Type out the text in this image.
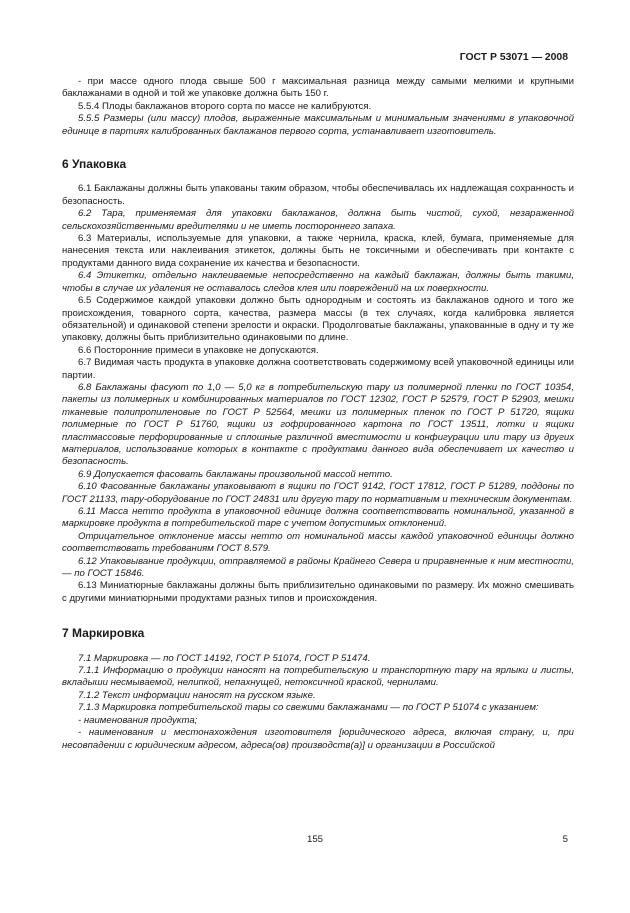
ГОСТ Р 53071 — 2008

- при массе одного плода свыше 500 г максимальная разница между самыми мелкими и крупными баклажанами в одной и той же упаковке должна быть 150 г.

5.5.4 Плоды баклажанов второго сорта по массе не калибруются.

5.5.5 Размеры (или массу) плодов, выраженные максимальным и минимальным значениями в упаковочной единице в партиях калиброванных баклажанов первого сорта, устанавливает изготовитель.

6 Упаковка

6.1 Баклажаны должны быть упакованы таким образом, чтобы обеспечивалась их надлежащая сохранность и безопасность.

6.2 Тара, применяемая для упаковки баклажанов, должна быть чистой, сухой, незараженной сельскохозяйственными вредителями и не иметь постороннего запаха.

6.3 Материалы, используемые для упаковки, а также чернила, краска, клей, бумага, применяемые для нанесения текста или наклеивания этикеток, должны быть не токсичными и обеспечивать при контакте с продуктами данного вида сохранение их качества и безопасности.

6.4 Этикетки, отдельно наклеиваемые непосредственно на каждый баклажан, должны быть такими, чтобы в случае их удаления не оставалось следов клея или повреждений на их поверхности.

6.5 Содержимое каждой упаковки должно быть однородным и состоять из баклажанов одного и того же происхождения, товарного сорта, качества, размера массы (в тех случаях, когда калибровка является обязательной) и одинаковой степени зрелости и окраски. Продолговатые баклажаны, упакованные в одну и ту же упаковку, должны быть приблизительно одинаковыми по длине.

6.6 Посторонние примеси в упаковке не допускаются.

6.7 Видимая часть продукта в упаковке должна соответствовать содержимому всей упаковочной единицы или партии.

6.8 Баклажаны фасуют по 1,0 — 5,0 кг в потребительскую тару из полимерной пленки по ГОСТ 10354, пакеты из полимерных и комбинированных материалов по ГОСТ 12302, ГОСТ Р 52579, ГОСТ Р 52903, мешки тканевые полипропиленовые по ГОСТ Р 52564, мешки из полимерных пленок по ГОСТ Р 51720, ящики полимерные по ГОСТ Р 51760, ящики из гофрированного картона по ГОСТ 13511, лотки и ящики пластмассовые перфорированные и сплошные различной вместимости и конфигурации или тару из других материалов, использование которых в контакте с продуктами данного вида обеспечивает их качество и безопасность.

6.9 Допускается фасовать баклажаны произвольной массой нетто.

6.10 Фасованные баклажаны упаковывают в ящики по ГОСТ 9142, ГОСТ 17812, ГОСТ Р 51289, поддоны по ГОСТ 21133, тару-оборудование по ГОСТ 24831 или другую тару по нормативным и техническим документам.

6.11 Масса нетто продукта в упаковочной единице должна соответствовать номинальной, указанной в маркировке продукта в потребительской таре с учетом допустимых отклонений.

Отрицательное отклонение массы нетто от номинальной массы каждой упаковочной единицы должно соответствовать требованиям ГОСТ 8.579.

6.12 Упаковывание продукции, отправляемой в районы Крайнего Севера и приравненные к ним местности, — по ГОСТ 15846.

6.13 Миниатюрные баклажаны должны быть приблизительно одинаковыми по размеру. Их можно смешивать с другими миниатюрными продуктами разных типов и происхождения.

7 Маркировка

7.1 Маркировка — по ГОСТ 14192, ГОСТ Р 51074, ГОСТ Р 51474.

7.1.1 Информацию о продукции наносят на потребительскую и транспортную тару на ярлыки и листы, вкладыши несмываемой, нелипкой, непахнущей, нетоксичной краской, чернилами.

7.1.2 Текст информации наносят на русском языке.

7.1.3 Маркировка потребительской тары со свежими баклажанами — по ГОСТ Р 51074 с указанием:

- наименования продукта;

- наименования и местонахождения изготовителя [юридического адреса, включая страну, и, при несовпадении с юридическим адресом, адреса(ов) производств(а)] и организации в Российской

155	5
